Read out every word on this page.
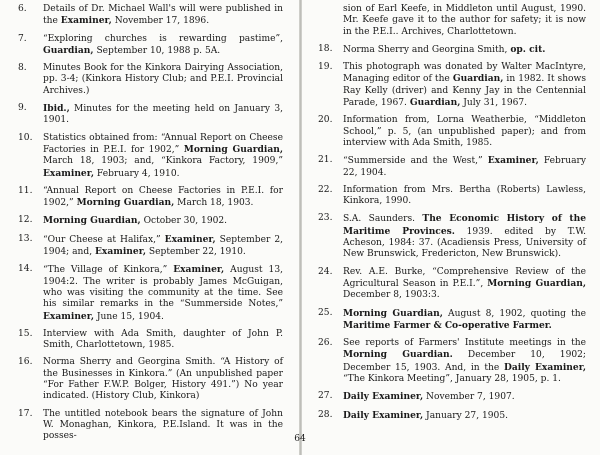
6.	Details of Dr. Michael Wall's will were published in the Examiner, November 17, 1896.
7.	“Exploring churches is rewarding pastime”, Guardian, September 10, 1988 p. 5A.
8.	Minutes Book for the Kinkora Dairying Association, pp. 3-4; (Kinkora History Club; and P.E.I. Provincial Archives.)
9.	Ibid., Minutes for the meeting held on January 3, 1901.
10.	Statistics obtained from: “Annual Report on Cheese Factories in P.E.I. for 1902,” Morning Guardian, March 18, 1903; and, “Kinkora Factory, 1909,” Examiner, February 4, 1910.
11.	“Annual Report on Cheese Factories in P.E.I. for 1902,” Morning Guardian, March 18, 1903.
12.	Morning Guardian, October 30, 1902.
13.	“Our Cheese at Halifax,” Examiner, September 2, 1904; and, Examiner, September 22, 1910.
14.	“The Village of Kinkora,” Examiner, August 13, 1904:2. The writer is probably James McGuigan, who was visiting the community at the time. See his similar remarks in the “Summerside Notes,” Examiner, June 15, 1904.
15.	Interview with Ada Smith, daughter of John P. Smith, Charlottetown, 1985.
16.	Norma Sherry and Georgina Smith. “A History of the Businesses in Kinkora.” (An unpublished paper “For Father F.W.P. Bolger, History 491.”) No year indicated. (History Club, Kinkora)
17.	The untitled notebook bears the signature of John W. Monaghan, Kinkora, P.E.Island. It was in the posses-
sion of Earl Keefe, in Middleton until August, 1990. Mr. Keefe gave it to the author for safety; it is now in the P.E.I.. Archives, Charlottetown.
18.	Norma Sherry and Georgina Smith, op. cit.
19.	This photograph was donated by Walter MacIntyre, Managing editor of the Guardian, in 1982. It shows Ray Kelly (driver) and Kenny Jay in the Centennial Parade, 1967. Guardian, July 31, 1967.
20.	Information from, Lorna Weatherbie, “Middleton School,” p. 5, (an unpublished paper); and from interview with Ada Smith, 1985.
21.	“Summerside and the West,” Examiner, February 22, 1904.
22.	Information from Mrs. Bertha (Roberts) Lawless, Kinkora, 1990.
23.	S.A. Saunders. The Economic History of the Maritime Provinces. 1939. edited by T.W. Acheson, 1984: 37. (Acadiensis Press, University of New Brunswick, Fredericton, New Brunswick).
24.	Rev. A.E. Burke, “Comprehensive Review of the Agricultural Season in P.E.I.”, Morning Guardian, December 8, 1903:3.
25.	Morning Guardian, August 8, 1902, quoting the Maritime Farmer & Co-operative Farmer.
26.	See reports of Farmers' Institute meetings in the Morning Guardian. December 10, 1902; December 15, 1903. And, in the Daily Examiner, “The Kinkora Meeting”, January 28, 1905, p. 1.
27.	Daily Examiner, November 7, 1907.
28.	Daily Examiner, January 27, 1905.
64
